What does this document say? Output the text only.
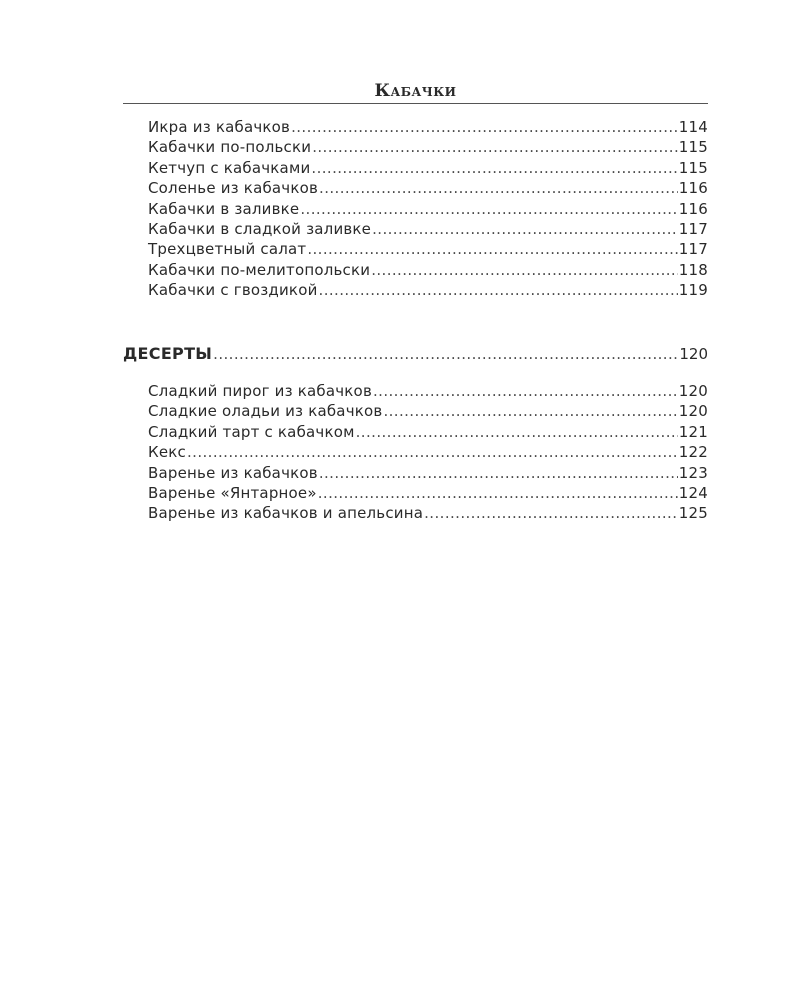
Кабачки
Икра из кабачков .....	114
Кабачки по-польски .....	115
Кетчуп с кабачками .....	115
Соленье из кабачков .....	116
Кабачки в заливке .....	116
Кабачки в сладкой заливке .....	117
Трехцветный салат .....	117
Кабачки по-мелитопольски .....	118
Кабачки с гвоздикой .....	119
ДЕСЕРТЫ .....	120
Сладкий пирог из кабачков .....	120
Сладкие оладьи из кабачков .....	120
Сладкий тарт с кабачком .....	121
Кекс .....	122
Варенье из кабачков .....	123
Варенье «Янтарное» .....	124
Варенье из кабачков и апельсина .....	125
